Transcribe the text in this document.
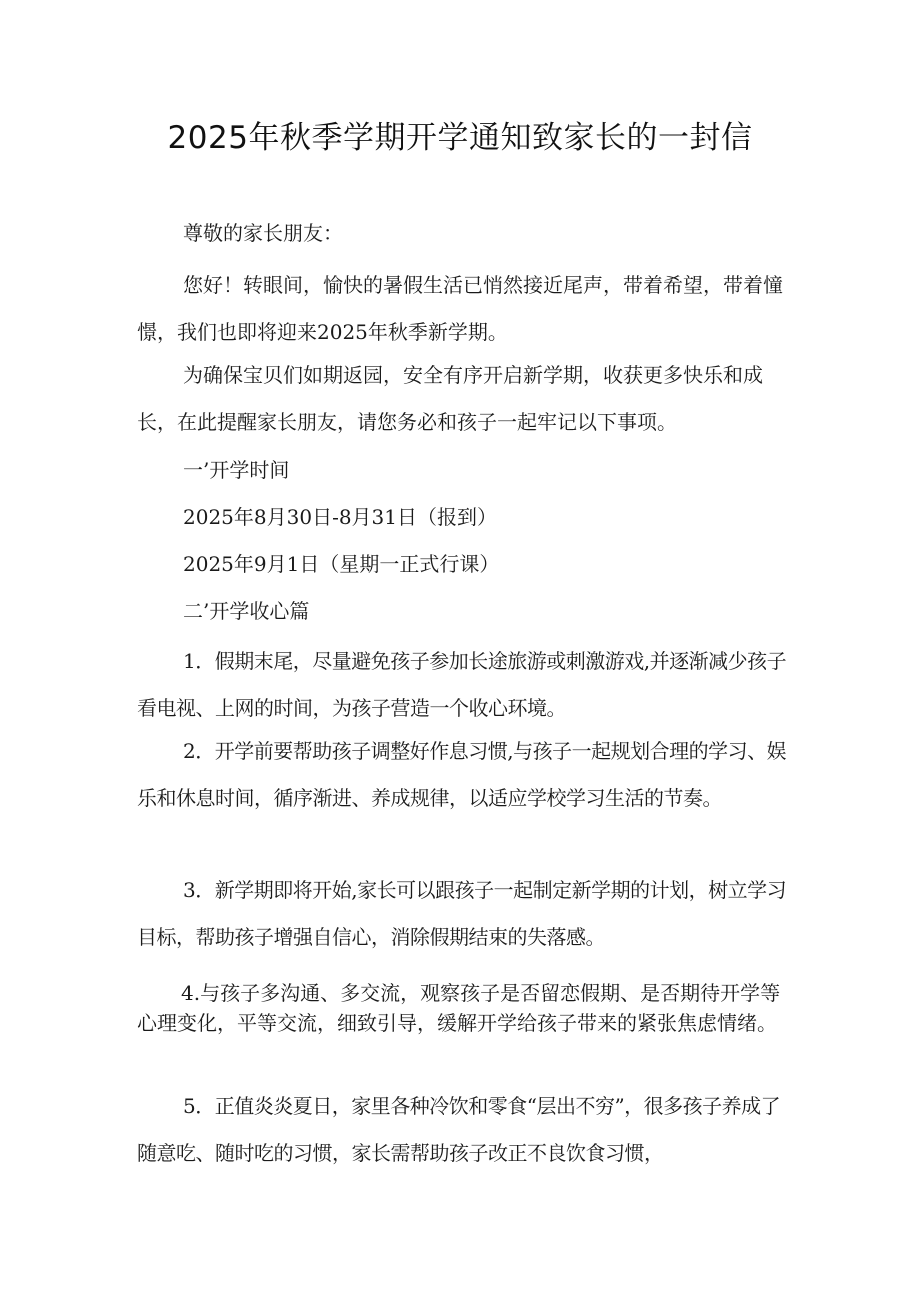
2025年秋季学期开学通知致家长的一封信

尊敬的家长朋友：

您好！转眼间，愉快的暑假生活已悄然接近尾声，带着希望，带着憧憬，我们也即将迎来2025年秋季新学期。

为确保宝贝们如期返园，安全有序开启新学期，收获更多快乐和成长，在此提醒家长朋友，请您务必和孩子一起牢记以下事项。

一’开学时间

2025年8月30日-8月31日（报到）

2025年9月1日（星期一正式行课）

二’开学收心篇

1．假期末尾，尽量避免孩子参加长途旅游或刺激游戏,并逐渐减少孩子看电视、上网的时间，为孩子营造一个收心环境。

2．开学前要帮助孩子调整好作息习惯,与孩子一起规划合理的学习、娱乐和休息时间，循序渐进、养成规律，以适应学校学习生活的节奏。

3．新学期即将开始,家长可以跟孩子一起制定新学期的计划，树立学习目标，帮助孩子增强自信心，消除假期结束的失落感。

4.与孩子多沟通、多交流，观察孩子是否留恋假期、是否期待开学等心理变化，平等交流，细致引导，缓解开学给孩子带来的紧张焦虑情绪。

5．正值炎炎夏日，家里各种冷饮和零食“层出不穷”，很多孩子养成了随意吃、随时吃的习惯，家长需帮助孩子改正不良饮食习惯，
